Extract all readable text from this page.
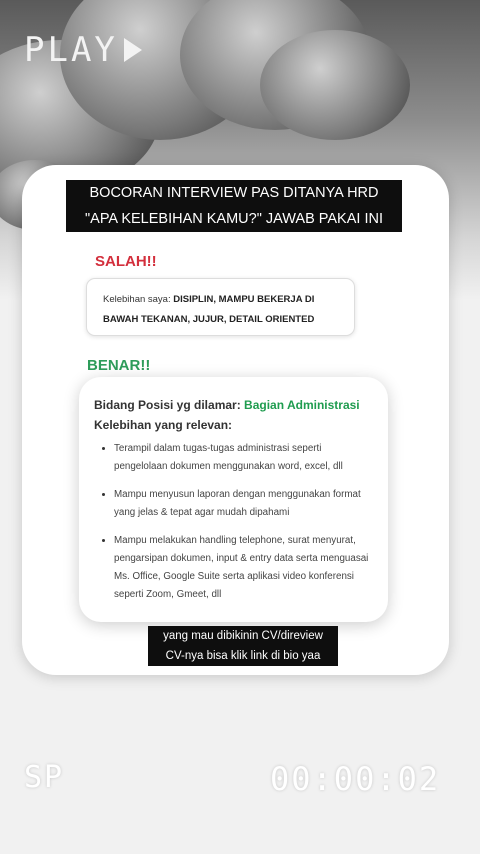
PLAY
BOCORAN INTERVIEW PAS DITANYA HRD
"APA KELEBIHAN KAMU?" JAWAB PAKAI INI
SALAH!!
Kelebihan saya: DISIPLIN, MAMPU BEKERJA DI
BAWAH TEKANAN, JUJUR, DETAIL ORIENTED
BENAR!!
Bidang Posisi yg dilamar: Bagian Administrasi
Kelebihan yang relevan:
• Terampil dalam tugas-tugas administrasi seperti pengelolaan dokumen menggunakan word, excel, dll
• Mampu menyusun laporan dengan menggunakan format yang jelas & tepat agar mudah dipahami
• Mampu melakukan handling telephone, surat menyurat, pengarsipan dokumen, input & entry data serta menguasai Ms. Office, Google Suite serta aplikasi video konferensi seperti Zoom, Gmeet, dll
yang mau dibikinin CV/direview
CV-nya bisa klik link di bio yaa
SP	00:00:02
